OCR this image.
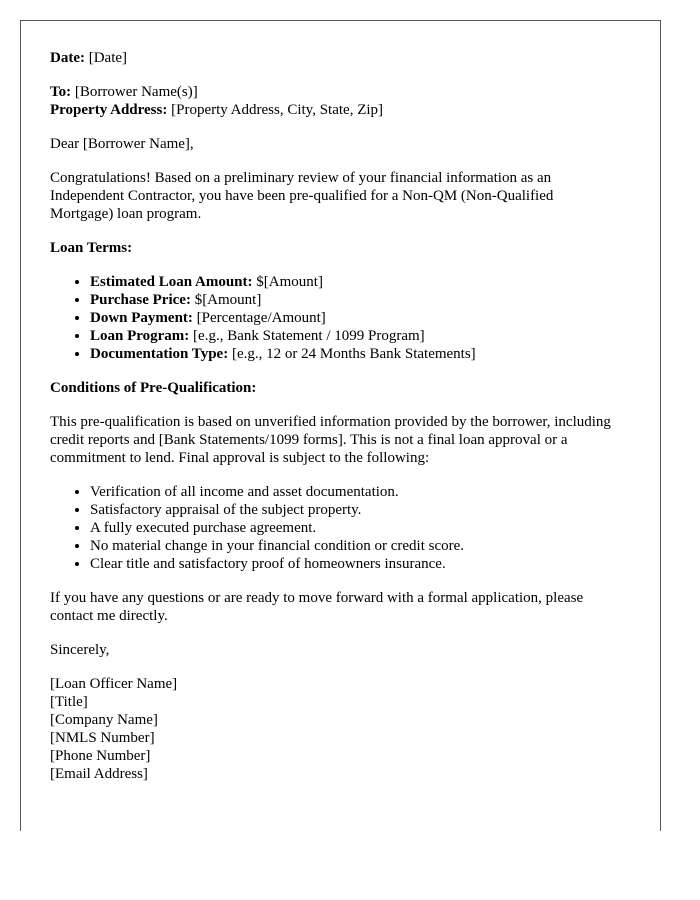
Date: [Date]

To: [Borrower Name(s)]
Property Address: [Property Address, City, State, Zip]

Dear [Borrower Name],

Congratulations! Based on a preliminary review of your financial information as an Independent Contractor, you have been pre-qualified for a Non-QM (Non-Qualified Mortgage) loan program.

Loan Terms:

• Estimated Loan Amount: $[Amount]
• Purchase Price: $[Amount]
• Down Payment: [Percentage/Amount]
• Loan Program: [e.g., Bank Statement / 1099 Program]
• Documentation Type: [e.g., 12 or 24 Months Bank Statements]

Conditions of Pre-Qualification:

This pre-qualification is based on unverified information provided by the borrower, including credit reports and [Bank Statements/1099 forms]. This is not a final loan approval or a commitment to lend. Final approval is subject to the following:

• Verification of all income and asset documentation.
• Satisfactory appraisal of the subject property.
• A fully executed purchase agreement.
• No material change in your financial condition or credit score.
• Clear title and satisfactory proof of homeowners insurance.

If you have any questions or are ready to move forward with a formal application, please contact me directly.

Sincerely,

[Loan Officer Name]
[Title]
[Company Name]
[NMLS Number]
[Phone Number]
[Email Address]
